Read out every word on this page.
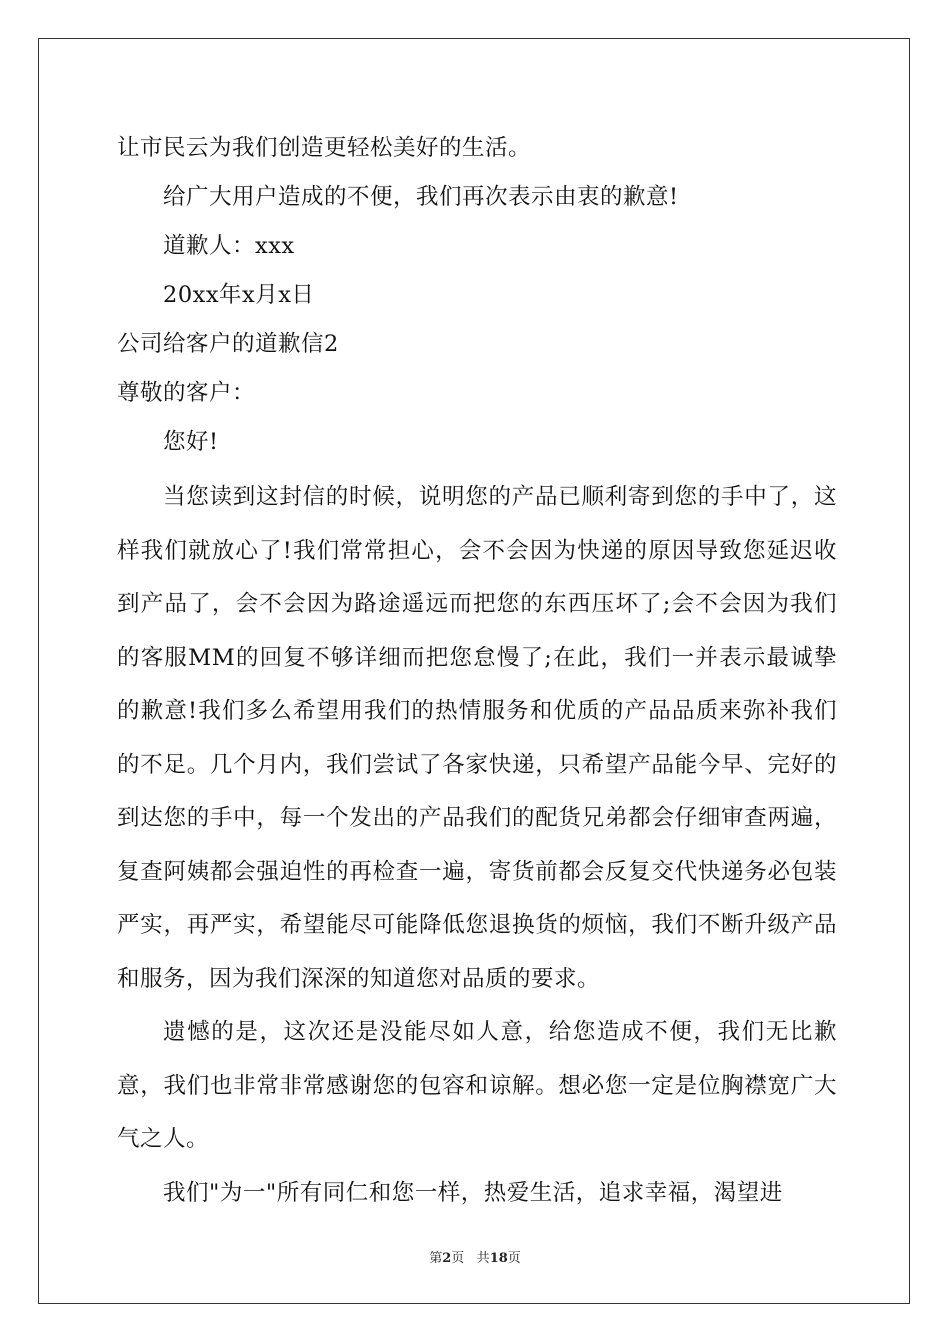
让市民云为我们创造更轻松美好的生活。
给广大用户造成的不便，我们再次表示由衷的歉意!
道歉人：xxx
20xx年x月x日
公司给客户的道歉信2
尊敬的客户：
您好!

当您读到这封信的时候，说明您的产品已顺利寄到您的手中了，这样我们就放心了!我们常常担心，会不会因为快递的原因导致您延迟收到产品了，会不会因为路途遥远而把您的东西压坏了;会不会因为我们的客服MM的回复不够详细而把您怠慢了;在此，我们一并表示最诚挚的歉意!我们多么希望用我们的热情服务和优质的产品品质来弥补我们的不足。几个月内，我们尝试了各家快递，只希望产品能今早、完好的到达您的手中，每一个发出的产品我们的配货兄弟都会仔细审查两遍，复查阿姨都会强迫性的再检查一遍，寄货前都会反复交代快递务必包装严实，再严实，希望能尽可能降低您退换货的烦恼，我们不断升级产品和服务，因为我们深深的知道您对品质的要求。

遗憾的是，这次还是没能尽如人意，给您造成不便，我们无比歉意，我们也非常非常感谢您的包容和谅解。想必您一定是位胸襟宽广大气之人。

我们"为一"所有同仁和您一样，热爱生活，追求幸福，渴望进

第2页 共18页
